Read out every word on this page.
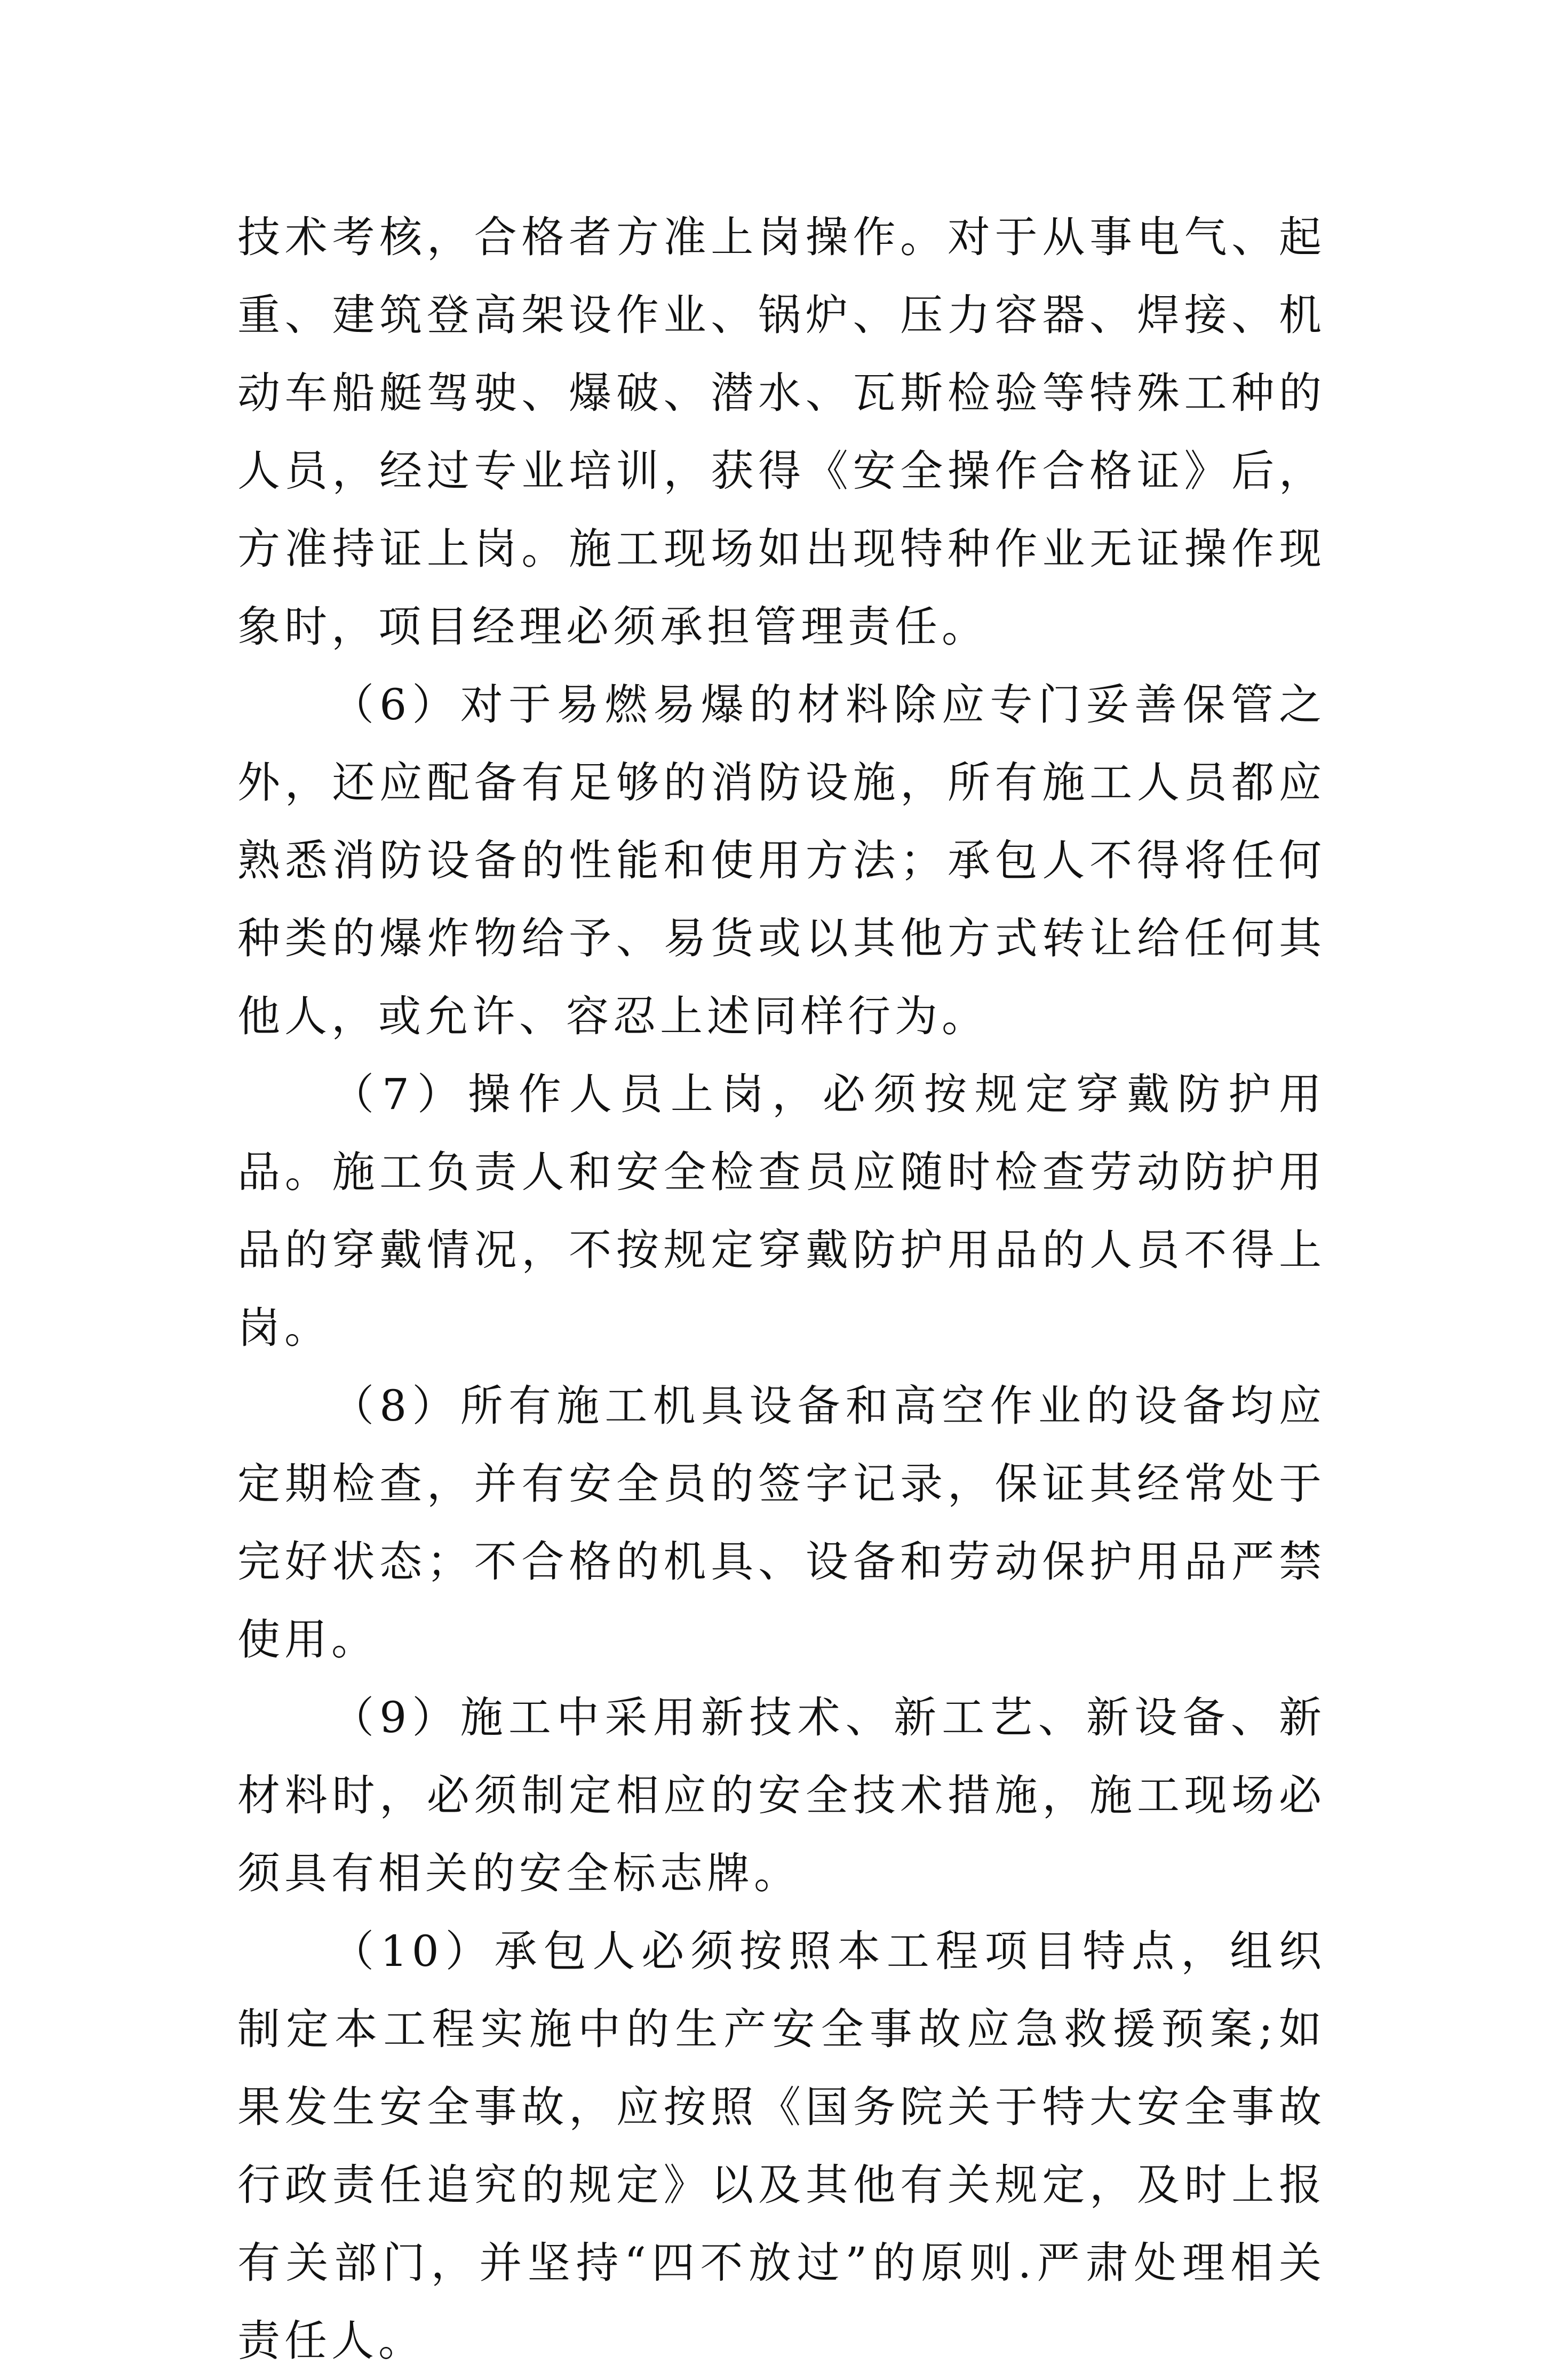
技术考核，合格者方准上岗操作。对于从事电气、起重、建筑登高架设作业、锅炉、压力容器、焊接、机动车船艇驾驶、爆破、潜水、瓦斯检验等特殊工种的人员，经过专业培训，获得《安全操作合格证》后，方准持证上岗。施工现场如出现特种作业无证操作现象时，项目经理必须承担管理责任。

（6）对于易燃易爆的材料除应专门妥善保管之外，还应配备有足够的消防设施，所有施工人员都应熟悉消防设备的性能和使用方法；承包人不得将任何种类的爆炸物给予、易货或以其他方式转让给任何其他人，或允许、容忍上述同样行为。

（7）操作人员上岗，必须按规定穿戴防护用品。施工负责人和安全检查员应随时检查劳动防护用品的穿戴情况，不按规定穿戴防护用品的人员不得上岗。

（8）所有施工机具设备和高空作业的设备均应定期检查，并有安全员的签字记录，保证其经常处于完好状态；不合格的机具、设备和劳动保护用品严禁使用。

（9）施工中采用新技术、新工艺、新设备、新材料时，必须制定相应的安全技术措施，施工现场必须具有相关的安全标志牌。

（10）承包人必须按照本工程项目特点，组织制定本工程实施中的生产安全事故应急救援预案;如果发生安全事故，应按照《国务院关于特大安全事故行政责任追究的规定》以及其他有关规定，及时上报有关部门，并坚持“四不放过”的原则.严肃处理相关责任人。
